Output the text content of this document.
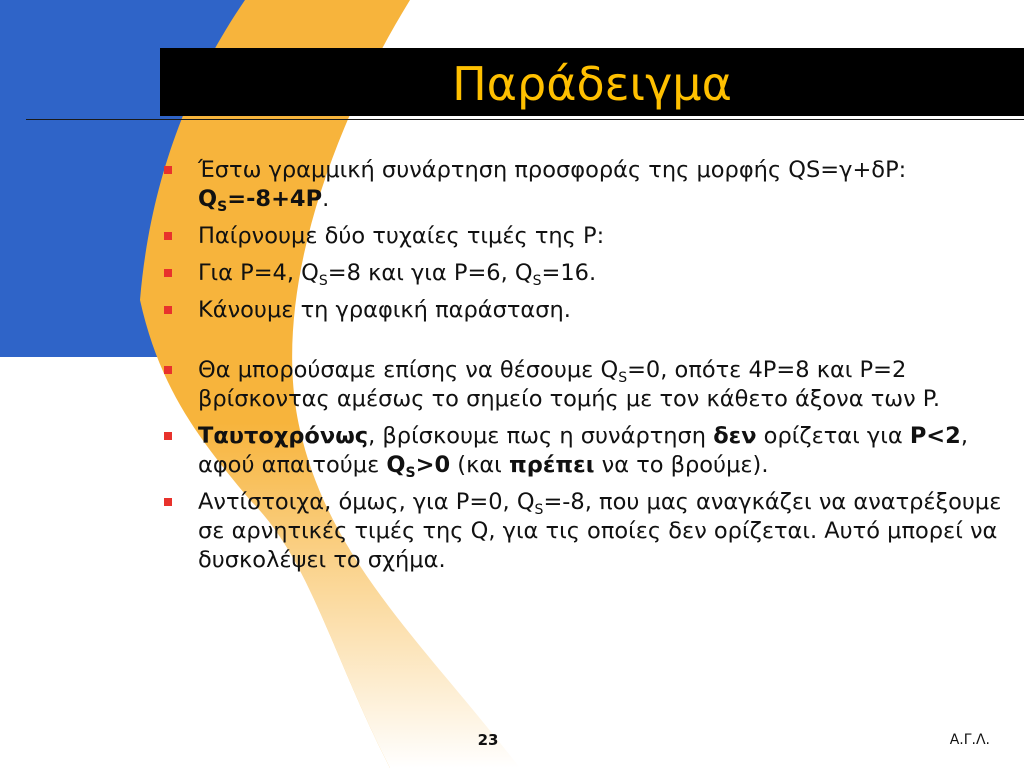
Παράδειγμα
Έστω γραμμική συνάρτηση προσφοράς της μορφής QS=γ+δP: $Q_S=-8+4P$.
Παίρνουμε δύο τυχαίες τιμές της P:
Για P=4, $Q_S=8$ και για P=6, $Q_S=16$.
Κάνουμε τη γραφική παράσταση.
Θα μπορούσαμε επίσης να θέσουμε $Q_S=0$, οπότε 4P=8 και P=2 βρίσκοντας αμέσως το σημείο τομής με τον κάθετο άξονα των P.
Ταυτοχρόνως, βρίσκουμε πως η συνάρτηση δεν ορίζεται για P<2, αφού απαιτούμε $Q_S>0$ (και πρέπει να το βρούμε).
Αντίστοιχα, όμως, για P=0, $Q_S=-8$, που μας αναγκάζει να ανατρέξουμε σε αρνητικές τιμές της Q, για τις οποίες δεν ορίζεται. Αυτό μπορεί να δυσκολέψει το σχήμα.
23	Α.Γ.Λ.
